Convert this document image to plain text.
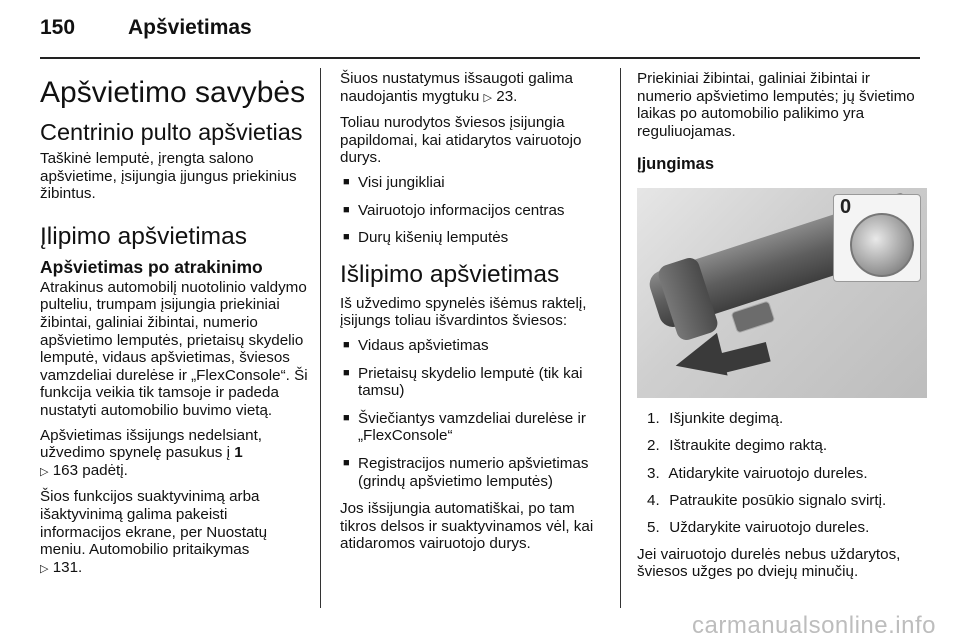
150	Apšvietimas
Apšvietimo savybės
Centrinio pulto apšvietias

Taškinė lemputė, įrengta salono apšvietime, įsijungia įjungus priekinius žibintus.

Įlipimo apšvietimas
Apšvietimas po atrakinimo

Atrakinus automobilį nuotolinio valdymo pulteliu, trumpam įsijungia priekiniai žibintai, galiniai žibintai, numerio apšvietimo lemputės, prietaisų skydelio lemputė, vidaus apšvietimas, šviesos vamzdeliai durelėse ir „FlexConsole“. Ši funkcija veikia tik tamsoje ir padeda nustatyti automobilio buvimo vietą.

Apšvietimas išsijungs nedelsiant, užvedimo spynelę pasukus į 1
▷ 163 padėtį.

Šios funkcijos suaktyvinimą arba išaktyvinimą galima pakeisti informacijos ekrane, per Nuostatų meniu. Automobilio pritaikymas
▷ 131.

Šiuos nustatymus išsaugoti galima naudojantis mygtuku ▷ 23.

Toliau nurodytos šviesos įsijungia papildomai, kai atidarytos vairuotojo durys.

■ Visi jungikliai
■ Vairuotojo informacijos centras
■ Durų kišenių lemputės
Išlipimo apšvietimas

Iš užvedimo spynelės išėmus raktelį, įsijungs toliau išvardintos šviesos:

■ Vidaus apšvietimas
■ Prietaisų skydelio lemputė (tik kai tamsu)
■ Šviečiantys vamzdeliai durelėse ir „FlexConsole“
■ Registracijos numerio apšvietimas (grindų apšvietimo lemputės)

Jos išsijungia automatiškai, po tam tikros delsos ir suaktyvinamos vėl, kai atidaromos vairuotojo durys.

Priekiniai žibintai, galiniai žibintai ir numerio apšvietimo lemputės; jų švietimo laikas po automobilio palikimo yra reguliuojamas.

Įjungimas
0
1. Išjunkite degimą.
2. Ištraukite degimo raktą.
3. Atidarykite vairuotojo dureles.
4. Patraukite posūkio signalo svirtį.
5. Uždarykite vairuotojo dureles.

Jei vairuotojo durelės nebus uždarytos, šviesos užges po dviejų minučių.

carmanualsonline.info
